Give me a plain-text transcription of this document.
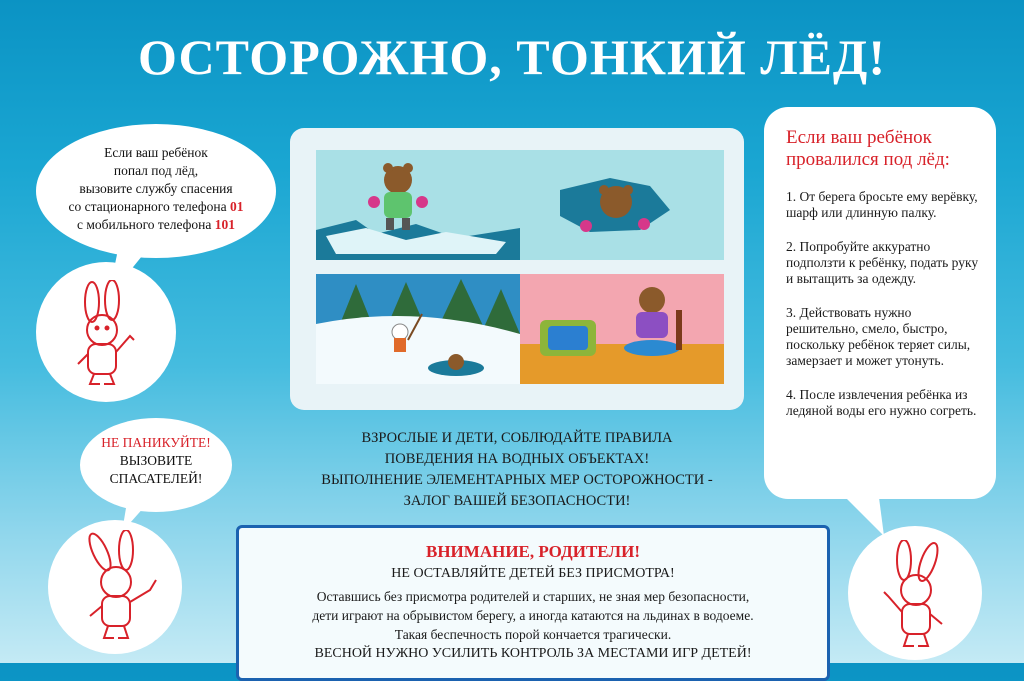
ОСТОРОЖНО, ТОНКИЙ ЛЁД!
Если ваш ребёнок
попал под лёд,
вызовите службу спасения
со стационарного телефона 01
с мобильного телефона 101
НЕ ПАНИКУЙТЕ!
ВЫЗОВИТЕ
СПАСАТЕЛЕЙ!
ВЗРОСЛЫЕ И ДЕТИ, СОБЛЮДАЙТЕ ПРАВИЛА
ПОВЕДЕНИЯ НА ВОДНЫХ ОБЪЕКТАХ!
ВЫПОЛНЕНИЕ ЭЛЕМЕНТАРНЫХ МЕР ОСТОРОЖНОСТИ -
ЗАЛОГ ВАШЕЙ БЕЗОПАСНОСТИ!
ВНИМАНИЕ, РОДИТЕЛИ!

НЕ ОСТАВЛЯЙТЕ ДЕТЕЙ БЕЗ ПРИСМОТРА!

Оставшись без присмотра родителей и старших, не зная мер безопасности,

дети играют на обрывистом берегу, а иногда катаются на льдинах в водоеме.

Такая беспечность порой кончается трагически.

ВЕСНОЙ НУЖНО УСИЛИТЬ КОНТРОЛЬ ЗА МЕСТАМИ ИГР ДЕТЕЙ!

Если ваш ребёнок
провалился под лёд:
1. От берега бросьте ему верёвку, шарф или длинную палку.
2. Попробуйте аккуратно подползти к ребёнку, подать руку и вытащить за одежду.
3. Действовать нужно решительно, смело, быстро, поскольку ребёнок теряет силы, замерзает и может утонуть.
4. После извлечения ребёнка из ледяной воды его нужно согреть.
